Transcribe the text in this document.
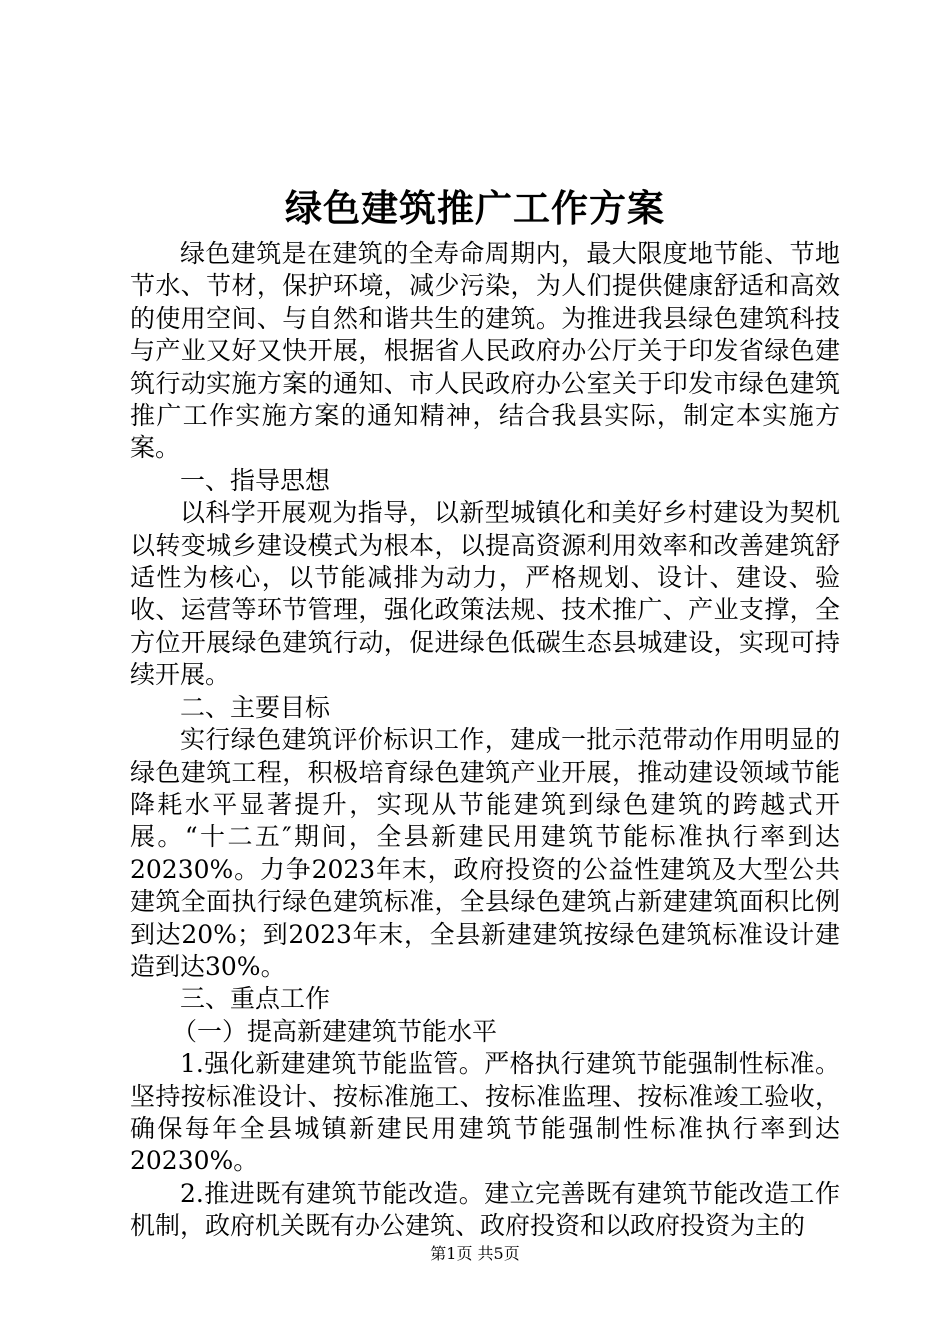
绿色建筑推广工作方案

绿色建筑是在建筑的全寿命周期内，最大限度地节能、节地节水、节材，保护环境，减少污染，为人们提供健康舒适和高效的使用空间、与自然和谐共生的建筑。为推进我县绿色建筑科技与产业又好又快开展，根据省人民政府办公厅关于印发省绿色建筑行动实施方案的通知、市人民政府办公室关于印发市绿色建筑推广工作实施方案的通知精神，结合我县实际，制定本实施方案。

一、指导思想

以科学开展观为指导，以新型城镇化和美好乡村建设为契机以转变城乡建设模式为根本，以提高资源利用效率和改善建筑舒适性为核心，以节能减排为动力，严格规划、设计、建设、验收、运营等环节管理，强化政策法规、技术推广、产业支撑，全方位开展绿色建筑行动，促进绿色低碳生态县城建设，实现可持续开展。

二、主要目标

实行绿色建筑评价标识工作，建成一批示范带动作用明显的绿色建筑工程，积极培育绿色建筑产业开展，推动建设领域节能降耗水平显著提升，实现从节能建筑到绿色建筑的跨越式开展。“十二五″期间，全县新建民用建筑节能标准执行率到达20230%。力争2023年末，政府投资的公益性建筑及大型公共建筑全面执行绿色建筑标准，全县绿色建筑占新建建筑面积比例到达20%；到2023年末，全县新建建筑按绿色建筑标准设计建造到达30%。

三、重点工作

（一）提高新建建筑节能水平

1.强化新建建筑节能监管。严格执行建筑节能强制性标准。坚持按标准设计、按标准施工、按标准监理、按标准竣工验收，确保每年全县城镇新建民用建筑节能强制性标准执行率到达20230%。

2.推进既有建筑节能改造。建立完善既有建筑节能改造工作机制，政府机关既有办公建筑、政府投资和以政府投资为主的

第1页 共5页
